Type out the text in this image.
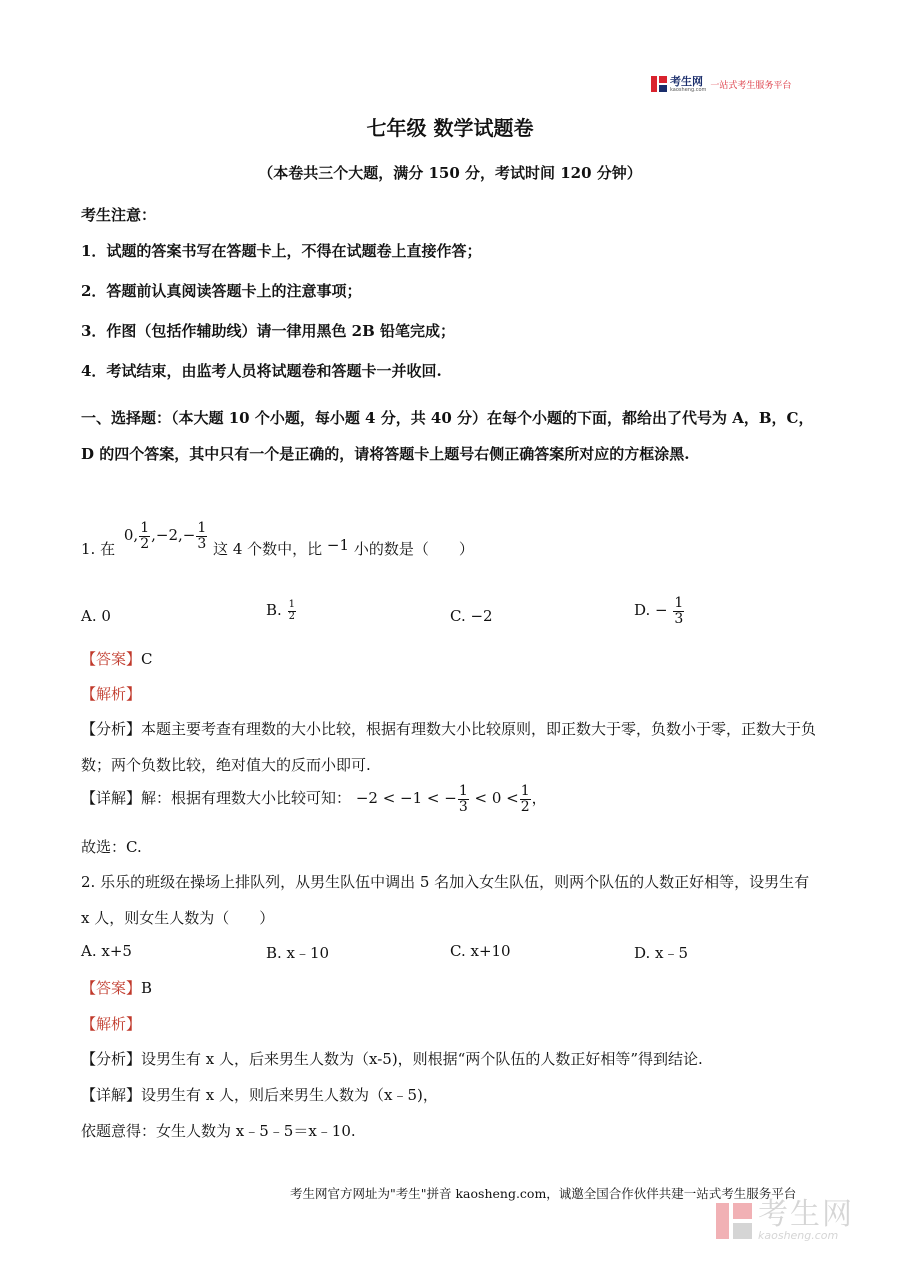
考生网
kaosheng.com 一站式考生服务平台
七年级 数学试题卷
（本卷共三个大题，满分 150 分，考试时间 120 分钟）
考生注意：
1．试题的答案书写在答题卡上，不得在试题卷上直接作答；
2．答题前认真阅读答题卡上的注意事项；
3．作图（包括作辅助线）请一律用黑色 2B 铅笔完成；
4．考试结束，由监考人员将试题卷和答题卡一并收回.
一、选择题：（本大题 10 个小题，每小题 4 分，共 40 分）在每个小题的下面，都给出了代号为 A，B，C，D 的四个答案，其中只有一个是正确的，请将答题卡上题号右侧正确答案所对应的方框涂黑.
1. 在 0, $\frac{1}{2} ,-2,- \frac{1}{3}$ 这 4 个数中，比 −1 小的数是（　　）
A. 0	B. $\frac{1}{2}$	C. −2	D. − $\frac{1}{3}$
【答案】C
【解析】
【分析】本题主要考查有理数的大小比较，根据有理数大小比较原则，即正数大于零，负数小于零，正数大于负数；两个负数比较，绝对值大的反而小即可.
【详解】解：根据有理数大小比较可知： −2 < −1 < − $\frac{1}{3} < 0 < \frac{1}{2}$ ，
故选：C.
2. 乐乐的班级在操场上排队列，从男生队伍中调出 5 名加入女生队伍，则两个队伍的人数正好相等，设男生有 x 人，则女生人数为（　　）
A. x+5	B. x﹣10	C. x+10	D. x﹣5
【答案】B
【解析】
【分析】设男生有 x 人，后来男生人数为（x-5)，则根据“两个队伍的人数正好相等”得到结论.
【详解】设男生有 x 人，则后来男生人数为（x﹣5)，
依题意得：女生人数为 x﹣5﹣5＝x﹣10.
考生网官方网址为"考生"拼音 kaosheng.com，诚邀全国合作伙伴共建一站式考生服务平台
考生网
kaosheng.com
